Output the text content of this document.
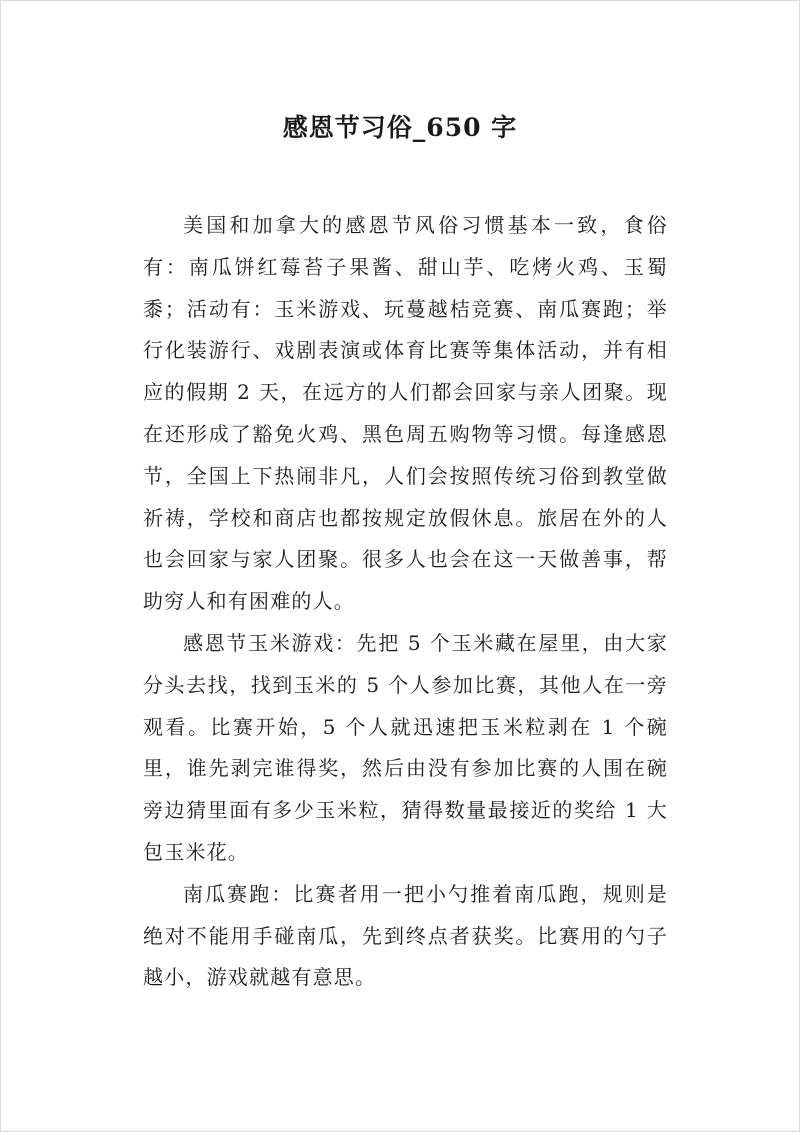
感恩节习俗_650 字

美国和加拿大的感恩节风俗习惯基本一致，食俗有：南瓜饼红莓苔子果酱、甜山芋、吃烤火鸡、玉蜀黍；活动有：玉米游戏、玩蔓越桔竞赛、南瓜赛跑；举行化装游行、戏剧表演或体育比赛等集体活动，并有相应的假期 2 天，在远方的人们都会回家与亲人团聚。现在还形成了豁免火鸡、黑色周五购物等习惯。每逢感恩节，全国上下热闹非凡，人们会按照传统习俗到教堂做祈祷，学校和商店也都按规定放假休息。旅居在外的人也会回家与家人团聚。很多人也会在这一天做善事，帮助穷人和有困难的人。

感恩节玉米游戏：先把 5 个玉米藏在屋里，由大家分头去找，找到玉米的 5 个人参加比赛，其他人在一旁观看。比赛开始，5 个人就迅速把玉米粒剥在 1 个碗里，谁先剥完谁得奖，然后由没有参加比赛的人围在碗旁边猜里面有多少玉米粒，猜得数量最接近的奖给 1 大包玉米花。

南瓜赛跑：比赛者用一把小勺推着南瓜跑，规则是绝对不能用手碰南瓜，先到终点者获奖。比赛用的勺子越小，游戏就越有意思。
